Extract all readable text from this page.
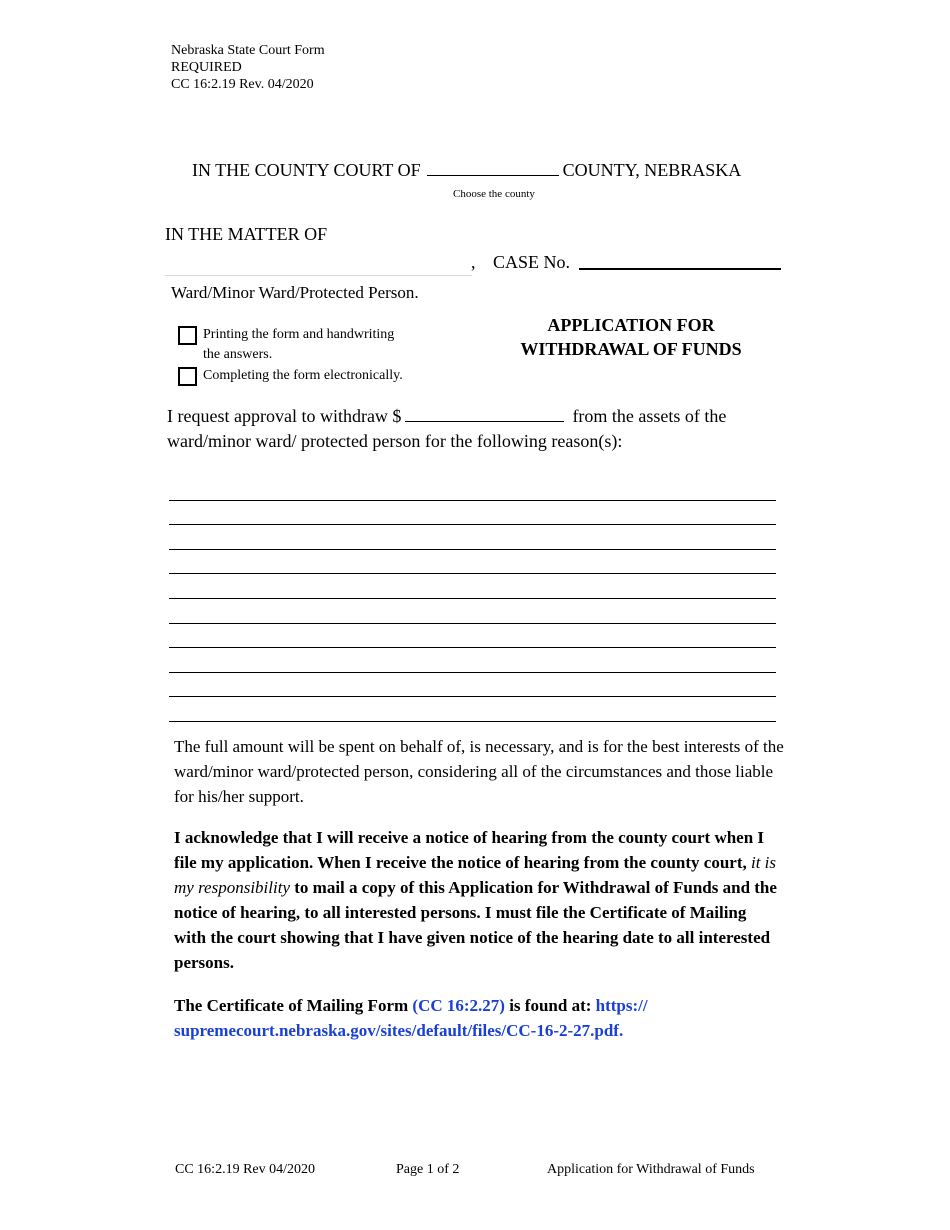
Nebraska State Court Form
REQUIRED
CC 16:2.19 Rev. 04/2020
IN THE COUNTY COURT OF	COUNTY, NEBRASKA
Choose the county
IN THE MATTER OF
, CASE No.
Ward/Minor Ward/Protected Person.
Printing the form and handwriting
the answers.
Completing the form electronically.
APPLICATION FOR
WITHDRAWAL OF FUNDS
I request approval to withdraw $	from the assets of the ward/minor ward/ protected person for the following reason(s):
The full amount will be spent on behalf of, is necessary, and is for the best interests of the ward/minor ward/protected person, considering all of the circumstances and those liable for his/her support.
I acknowledge that I will receive a notice of hearing from the county court when I file my application. When I receive the notice of hearing from the county court, it is my responsibility to mail a copy of this Application for Withdrawal of Funds and the notice of hearing, to all interested persons. I must file the Certificate of Mailing with the court showing that I have given notice of the hearing date to all interested persons.
The Certificate of Mailing Form (CC 16:2.27) is found at: https:// supremecourt.nebraska.gov/sites/default/files/CC-16-2-27.pdf.
CC 16:2.19 Rev 04/2020	Page 1 of 2	Application for Withdrawal of Funds
